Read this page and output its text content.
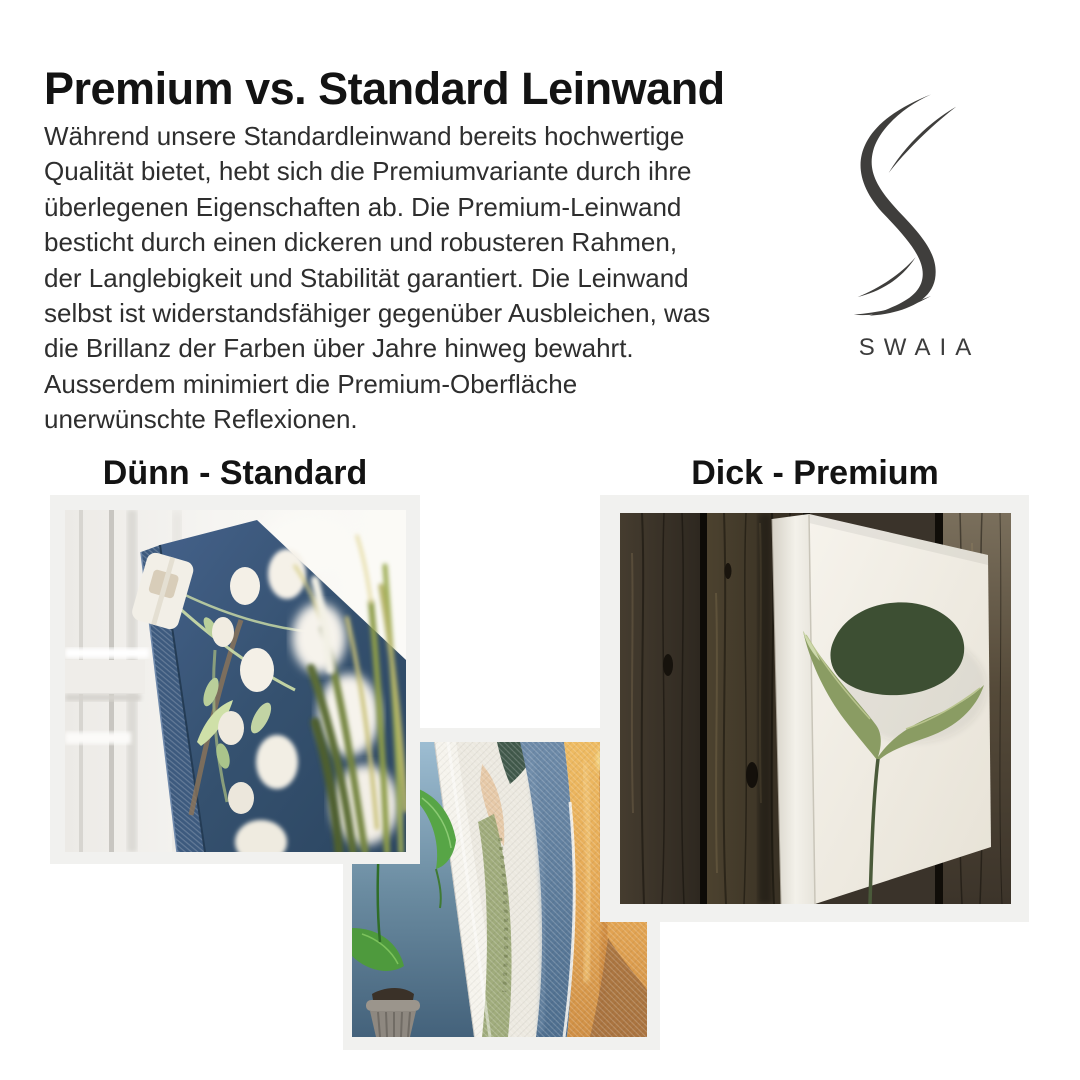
Premium vs. Standard Leinwand
Während unsere Standardleinwand bereits hochwertige
Qualität bietet, hebt sich die Premiumvariante durch ihre
überlegenen Eigenschaften ab. Die Premium-Leinwand
besticht durch einen dickeren und robusteren Rahmen,
der Langlebigkeit und Stabilität garantiert. Die Leinwand
selbst ist widerstandsfähiger gegenüber Ausbleichen, was
die Brillanz der Farben über Jahre hinweg bewahrt.
Ausserdem minimiert die Premium-Oberfläche
unerwünschte Reflexionen.
SWAIA
Dünn - Standard	Dick - Premium
